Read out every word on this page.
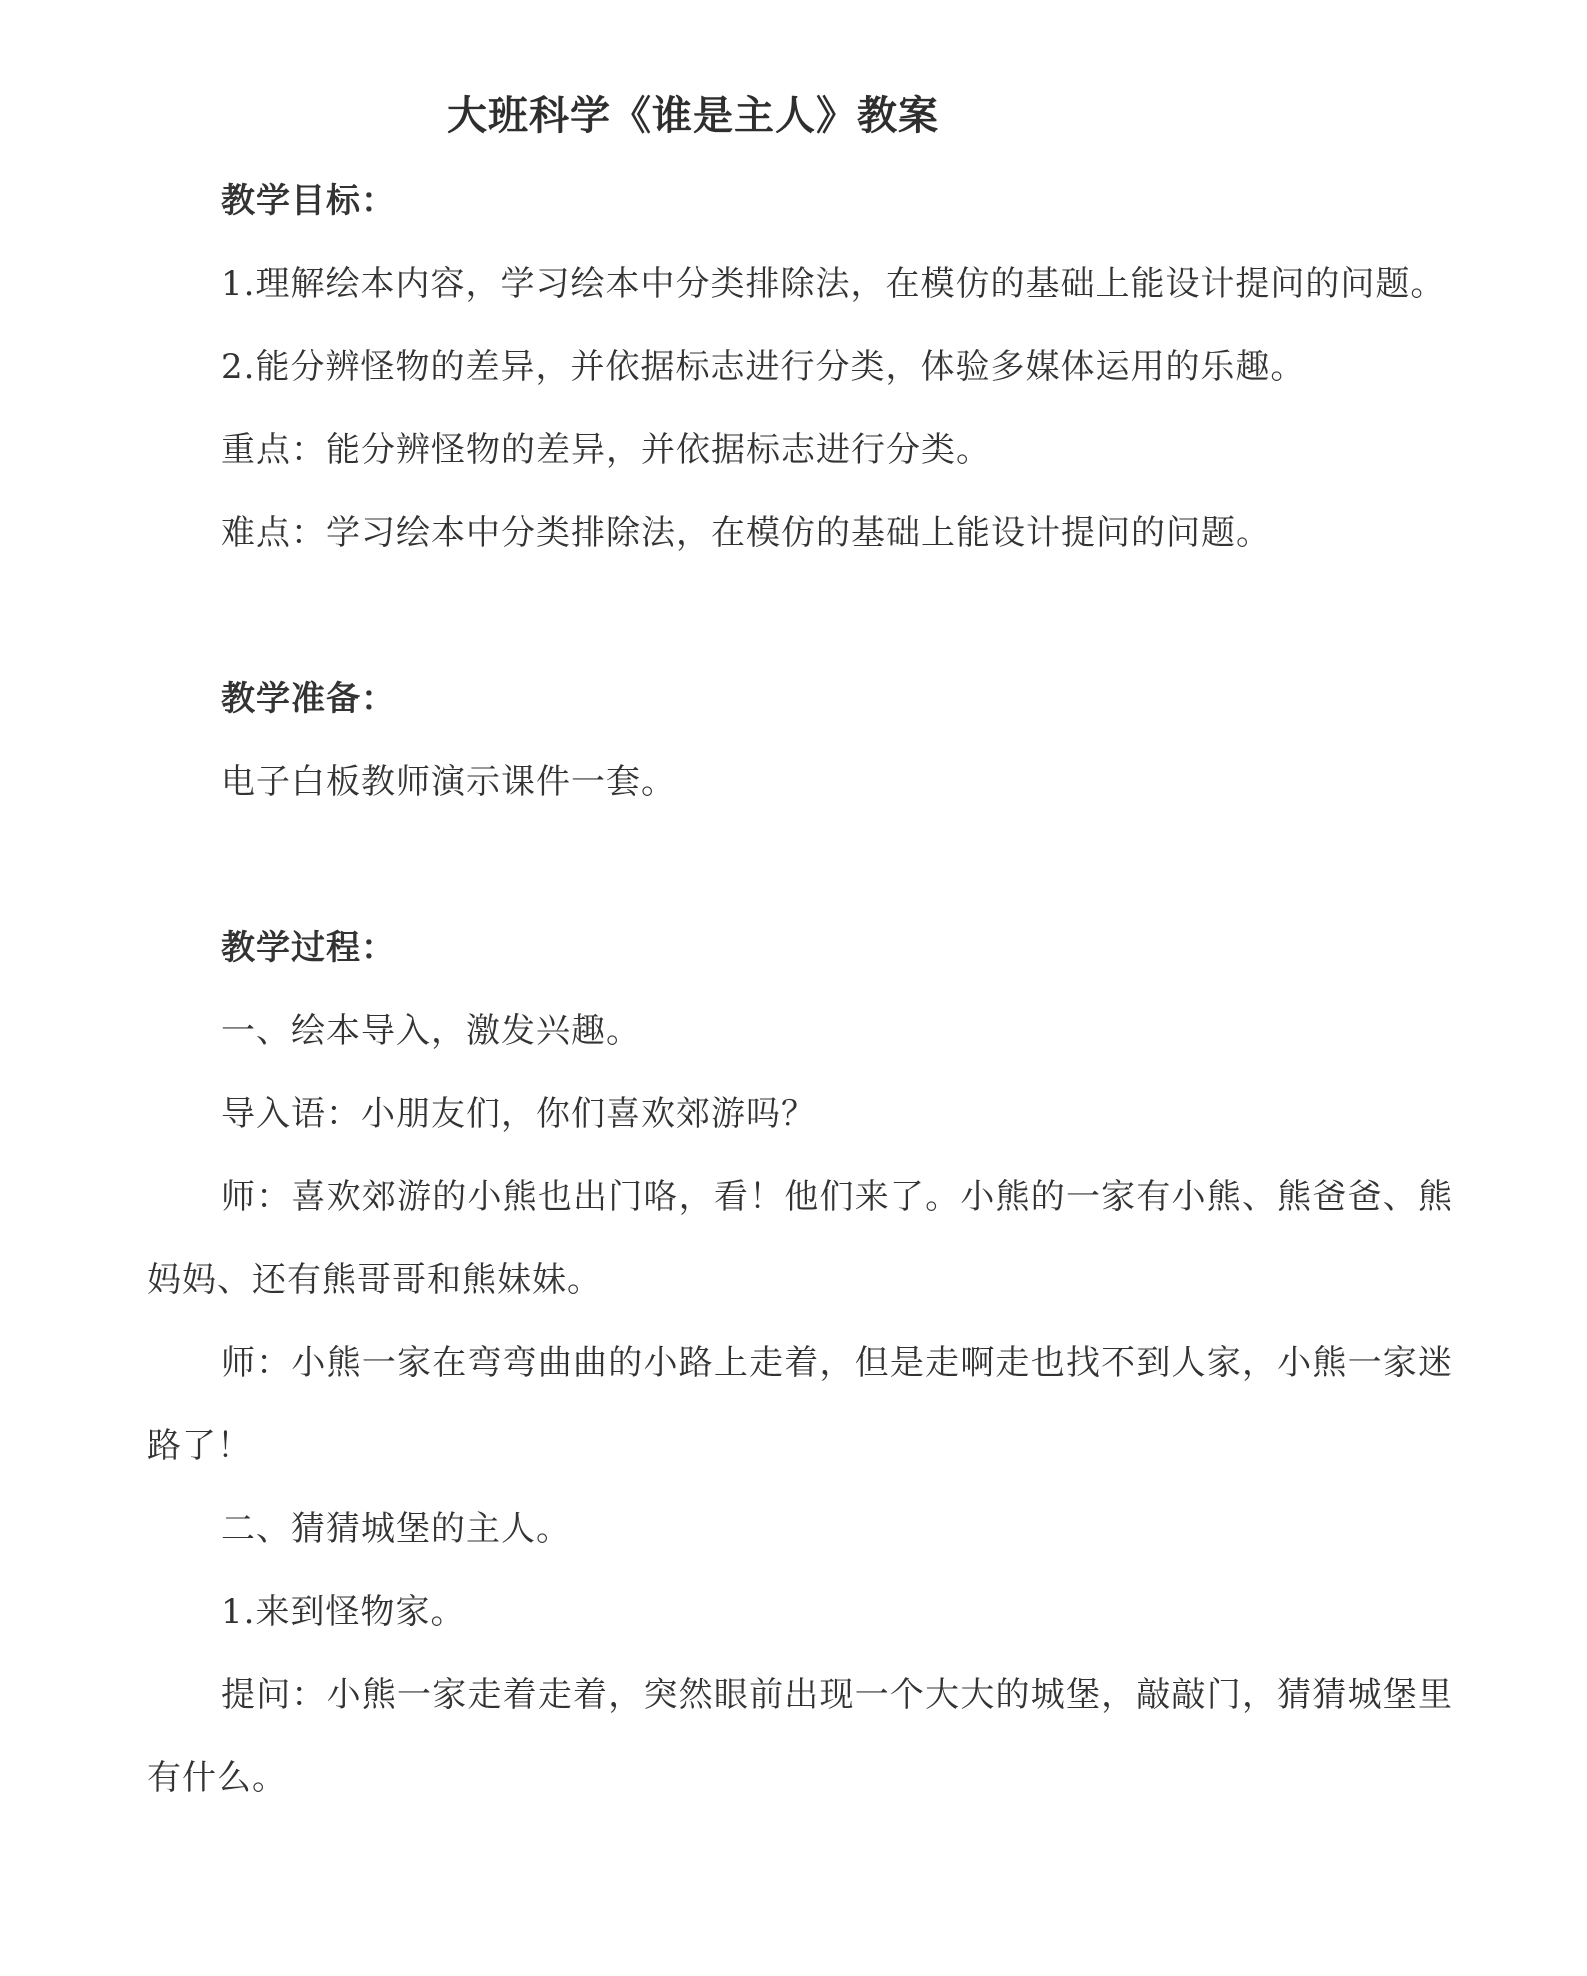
大班科学《谁是主人》教案

教学目标：

1.理解绘本内容，学习绘本中分类排除法，在模仿的基础上能设计提问的问题。

2.能分辨怪物的差异，并依据标志进行分类，体验多媒体运用的乐趣。

重点：能分辨怪物的差异，并依据标志进行分类。

难点：学习绘本中分类排除法，在模仿的基础上能设计提问的问题。

教学准备：

电子白板教师演示课件一套。

教学过程：

一、绘本导入，激发兴趣。

导入语：小朋友们，你们喜欢郊游吗？

师：喜欢郊游的小熊也出门咯，看！他们来了。小熊的一家有小熊、熊爸爸、熊妈妈、还有熊哥哥和熊妹妹。

师：小熊一家在弯弯曲曲的小路上走着，但是走啊走也找不到人家，小熊一家迷路了！

二、猜猜城堡的主人。

1.来到怪物家。

提问：小熊一家走着走着，突然眼前出现一个大大的城堡，敲敲门，猜猜城堡里有什么。
